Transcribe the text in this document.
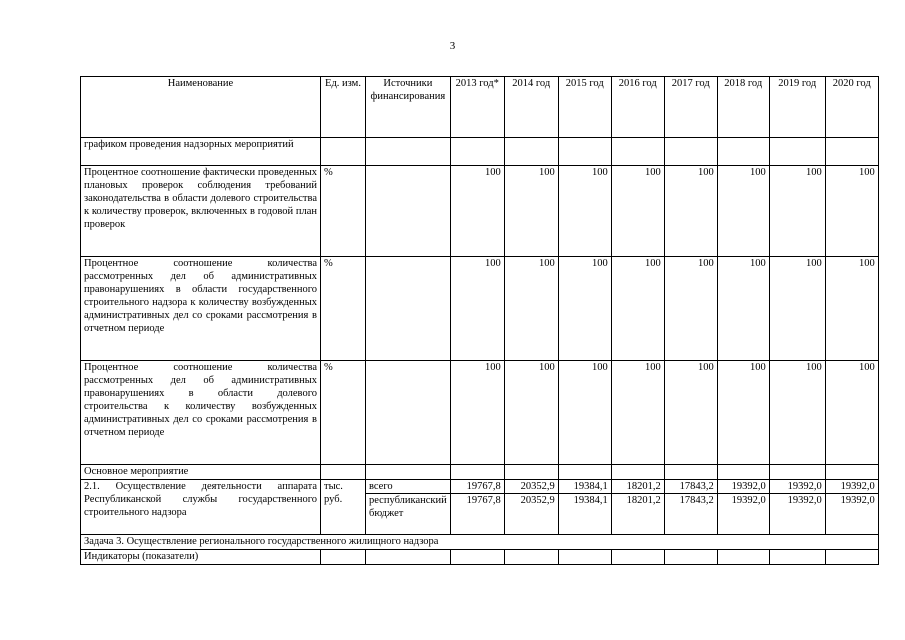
3
Наименование	Ед. изм.	Источники финансирования	2013 год*	2014 год	2015 год	2016 год	2017 год	2018 год	2019 год	2020 год
графиком проведения надзорных мероприятий										
Процентное соотношение фактически проведенных плановых проверок соблюдения требований законодательства в области долевого строительства к количеству проверок, включенных в годовой план проверок	%		100	100	100	100	100	100	100	100
Процентное соотношение количества рассмотренных дел об административных правонарушениях в области государственного строительного надзора к количеству возбужденных административных дел со сроками рассмотрения в отчетном периоде	%		100	100	100	100	100	100	100	100
Процентное соотношение количества рассмотренных дел об административных правонарушениях в области долевого строительства к количеству возбужденных административных дел со сроками рассмотрения в отчетном периоде	%		100	100	100	100	100	100	100	100
Основное мероприятие										
2.1. Осуществление деятельности аппарата Республиканской службы государственного строительного надзора	тыс. руб.	всего	19767,8	20352,9	19384,1	18201,2	17843,2	19392,0	19392,0	19392,0
		республиканский бюджет	19767,8	20352,9	19384,1	18201,2	17843,2	19392,0	19392,0	19392,0
Задача 3. Осуществление регионального государственного жилищного надзора										
Индикаторы (показатели)										
